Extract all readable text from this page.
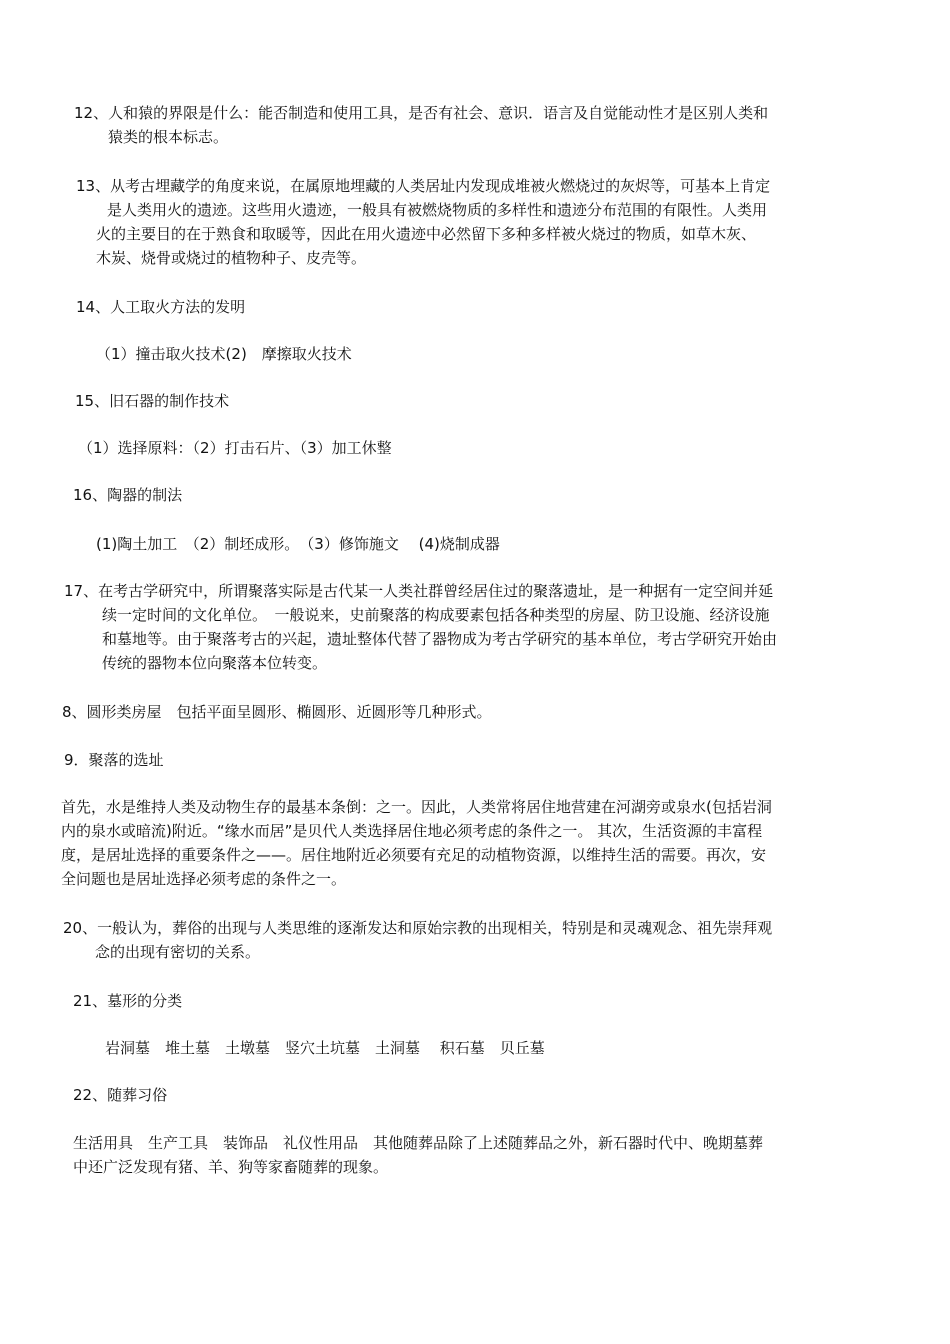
12、人和猿的界限是什么：能否制造和使用工具，是否有社会、意识．语言及自觉能动性才是区别人类和
猿类的根本标志。
13、从考古埋藏学的角度来说，在属原地埋藏的人类居址内发现成堆被火燃烧过的灰烬等，可基本上肯定
是人类用火的遗迹。这些用火遗迹，一般具有被燃烧物质的多样性和遗迹分布范围的有限性。人类用
火的主要目的在于熟食和取暖等，因此在用火遗迹中必然留下多种多样被火烧过的物质，如草木灰、
木炭、烧骨或烧过的植物种子、皮壳等。
14、人工取火方法的发明
（1）撞击取火技术(2)　摩擦取火技术
15、旧石器的制作技术
（1）选择原料：（2）打击石片、（3）加工休整
16、陶器的制法
(1)陶土加工　（2）制坯成形。　（3）修饰施文　 (4)烧制成器
17、在考古学研究中，所谓聚落实际是古代某一人类社群曾经居住过的聚落遗址，是一种据有一定空间并延
续一定时间的文化单位。　一般说来，史前聚落的构成要素包括各种类型的房屋、防卫设施、经济设施
和墓地等。由于聚落考古的兴起，遗址整体代替了器物成为考古学研究的基本单位，考古学研究开始由
传统的器物本位向聚落本位转变。
8、圆形类房屋　包括平面呈圆形、椭圆形、近圆形等几种形式。
9．聚落的选址
首先，水是维持人类及动物生存的最基本条倒：之一。因此，人类常将居住地营建在河湖旁或泉水(包括岩洞
内的泉水或暗流)附近。“缘水而居”是贝代人类选择居住地必须考虑的条件之一。 其次，生活资源的丰富程
度，是居址选择的重要条件之——。居住地附近必须要有充足的动植物资源，以维持生活的需要。再次，安
全问题也是居址选择必须考虑的条件之一。
20、一般认为，葬俗的出现与人类思维的逐渐发达和原始宗教的出现相关，特别是和灵魂观念、祖先崇拜观
念的出现有密切的关系。
21、墓形的分类
岩洞墓　堆土墓　土墩墓　竖穴土坑墓　土洞墓　 积石墓　贝丘墓
22、随葬习俗
生活用具　生产工具　装饰品　礼仪性用品　其他随葬品除了上述随葬品之外，新石器时代中、晚期墓葬
中还广泛发现有猪、羊、狗等家畜随葬的现象。
